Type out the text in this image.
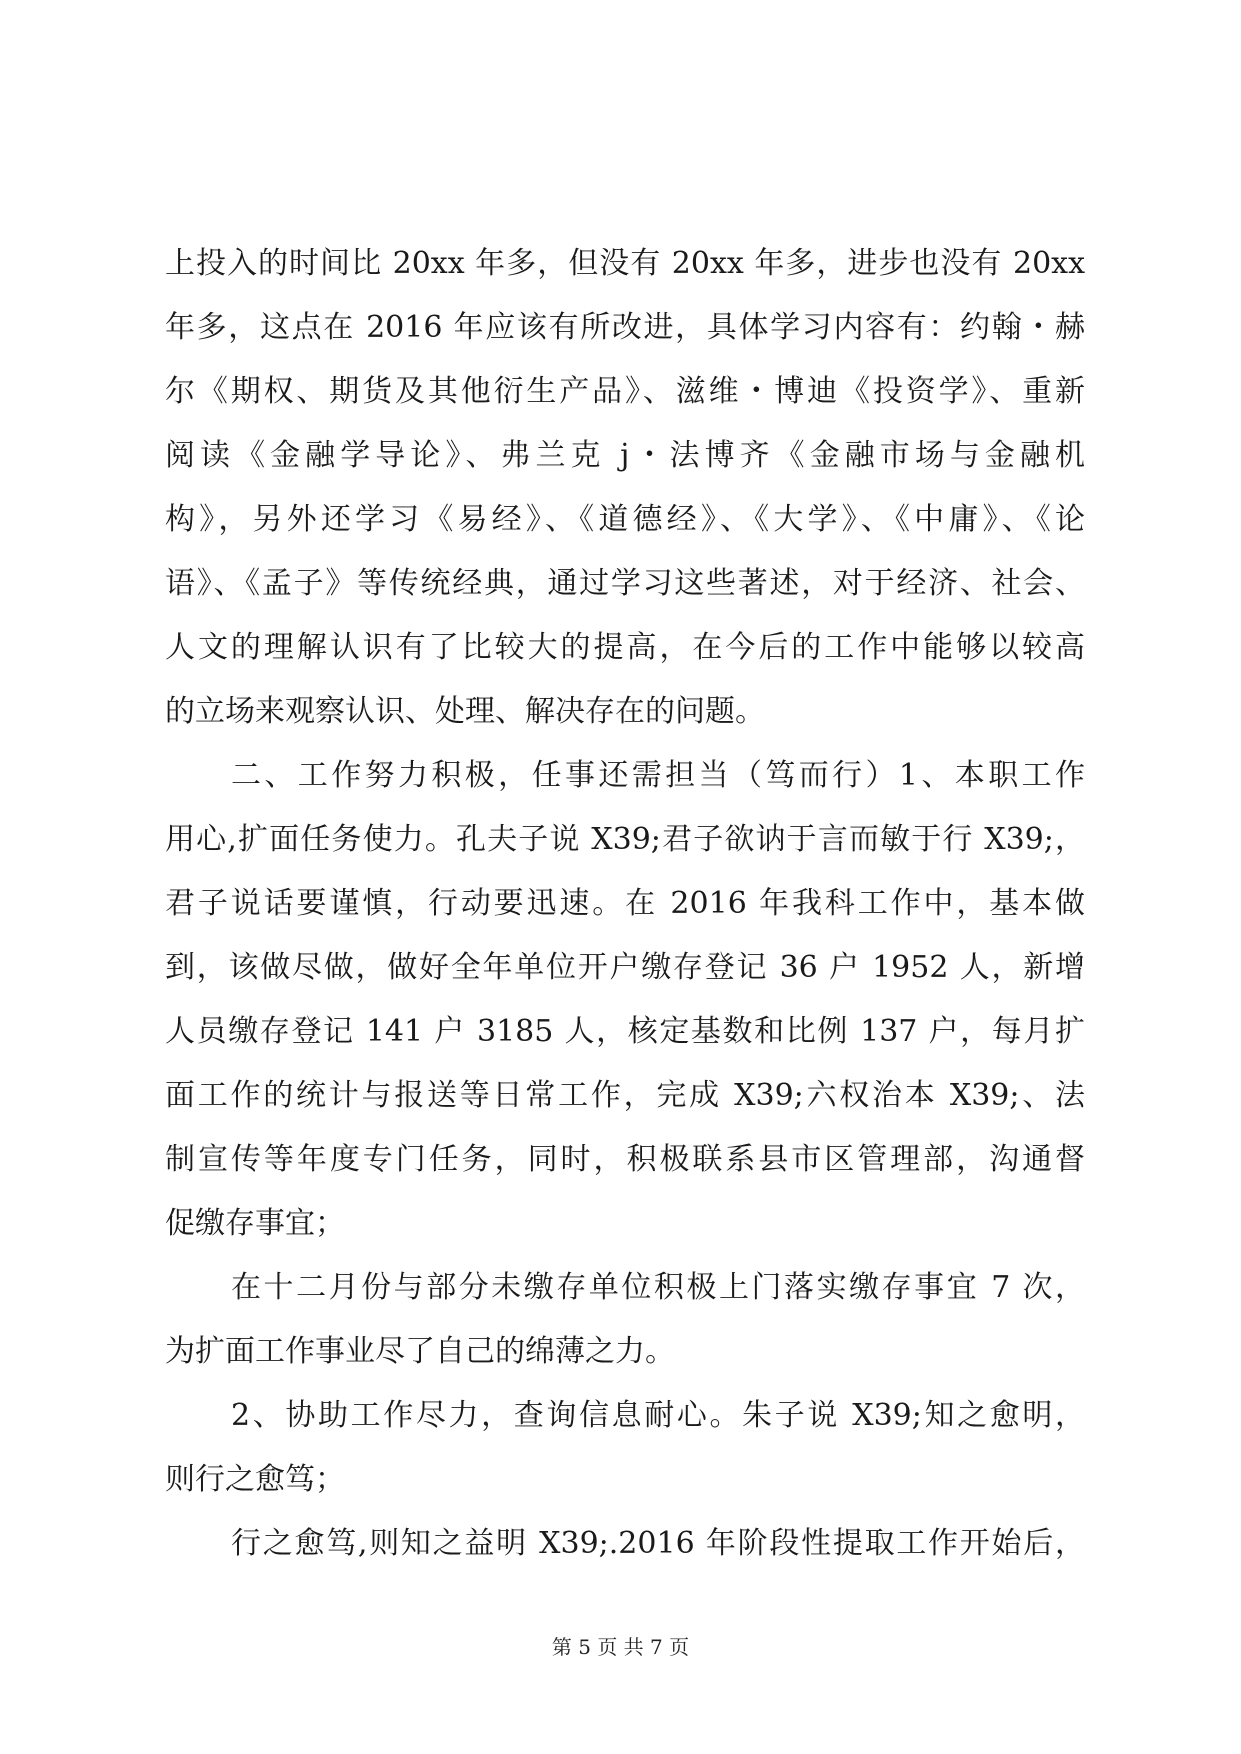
上投入的时间比 20xx 年多，但没有 20xx 年多，进步也没有 20xx
年多，这点在 2016 年应该有所改进，具体学习内容有：约翰・赫
尔《期权、期货及其他衍生产品》、滋维・博迪《投资学》、重新
阅读《金融学导论》、弗兰克 j・法博齐《金融市场与金融机
构》，另外还学习《易经》、《道德经》、《大学》、《中庸》、《论
语》、《孟子》等传统经典，通过学习这些著述，对于经济、社会、
人文的理解认识有了比较大的提高，在今后的工作中能够以较高
的立场来观察认识、处理、解决存在的问题。
二、工作努力积极，任事还需担当（笃而行）1、本职工作
用心,扩面任务使力。孔夫子说 X39;君子欲讷于言而敏于行 X39;，
君子说话要谨慎，行动要迅速。在 2016 年我科工作中，基本做
到，该做尽做，做好全年单位开户缴存登记 36 户 1952 人，新增
人员缴存登记 141 户 3185 人，核定基数和比例 137 户，每月扩
面工作的统计与报送等日常工作，完成 X39;六权治本 X39;、法
制宣传等年度专门任务，同时，积极联系县市区管理部，沟通督
促缴存事宜；
在十二月份与部分未缴存单位积极上门落实缴存事宜 7 次，
为扩面工作事业尽了自己的绵薄之力。
2、协助工作尽力，查询信息耐心。朱子说 X39;知之愈明，
则行之愈笃；
行之愈笃,则知之益明 X39;.2016 年阶段性提取工作开始后，
第 5 页 共 7 页
